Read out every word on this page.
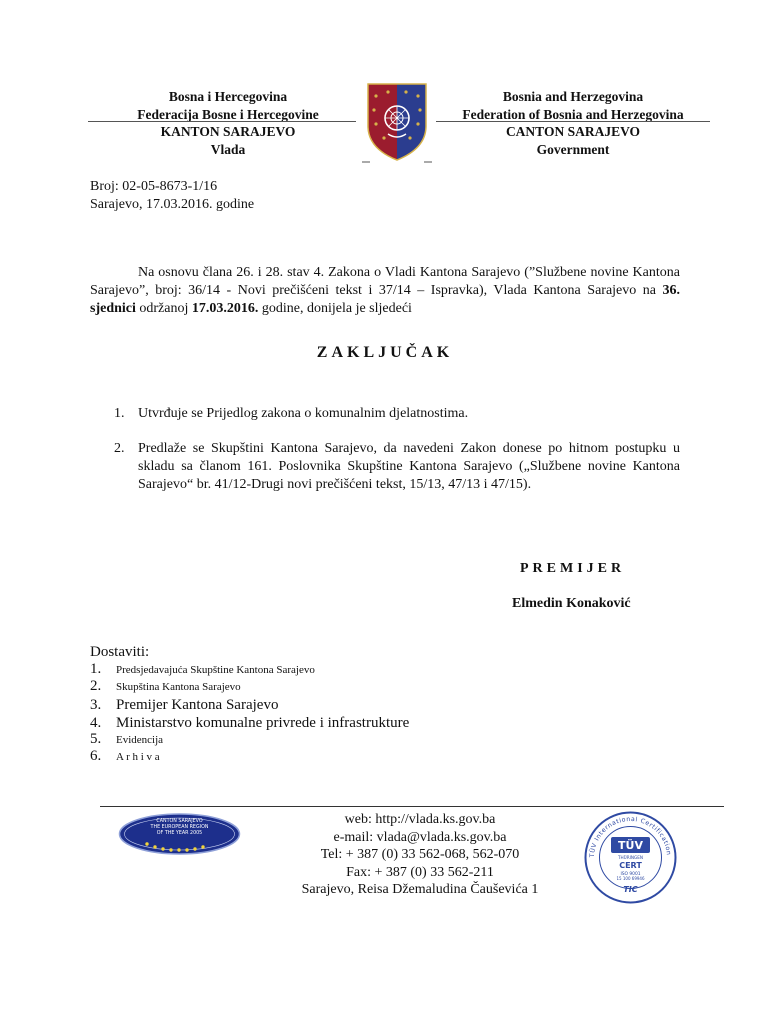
Bosna i Hercegovina
Federacija Bosne i Hercegovine
KANTON SARAJEVO
Vlada
Bosnia and Herzegovina
Federation of Bosnia and Herzegovina
CANTON SARAJEVO
Government
Broj: 02-05-8673-1/16
Sarajevo, 17.03.2016. godine

Na osnovu člana 26. i 28. stav 4. Zakona o Vladi Kantona Sarajevo (”Službene novine Kantona Sarajevo”, broj: 36/14 - Novi prečišćeni tekst i 37/14 – Ispravka), Vlada Kantona Sarajevo na 36. sjednici održanoj 17.03.2016. godine, donijela je sljedeći

ZAKLJUČAK
1. Utvrđuje se Prijedlog zakona o komunalnim djelatnostima.
2. Predlaže se Skupštini Kantona Sarajevo, da navedeni Zakon donese po hitnom postupku u skladu sa članom 161. Poslovnika Skupštine Kantona Sarajevo („Službene novine Kantona Sarajevo“ br. 41/12-Drugi novi prečišćeni tekst, 15/13, 47/13 i 47/15).
PREMIJER
Elmedin Konaković
Dostaviti:
1. Predsjedavajuća Skupštine Kantona Sarajevo
2. Skupština Kantona Sarajevo
3. Premijer Kantona Sarajevo
4. Ministarstvo komunalne privrede i infrastrukture
5. Evidencija
6. A r h i v a
CANTON SARAJEVO
THE EUROPEAN REGION
OF THE YEAR 2005
web: http://vlada.ks.gov.ba
e-mail: vlada@vlada.ks.gov.ba
Tel: + 387 (0) 33 562-068, 562-070
Fax: + 387 (0) 33 562-211
Sarajevo, Reisa Džemaludina Čauševića 1
TÜV International Certification
TÜV
THÜRINGEN
CERT
ISO 9001
15 100 69946
TIC
